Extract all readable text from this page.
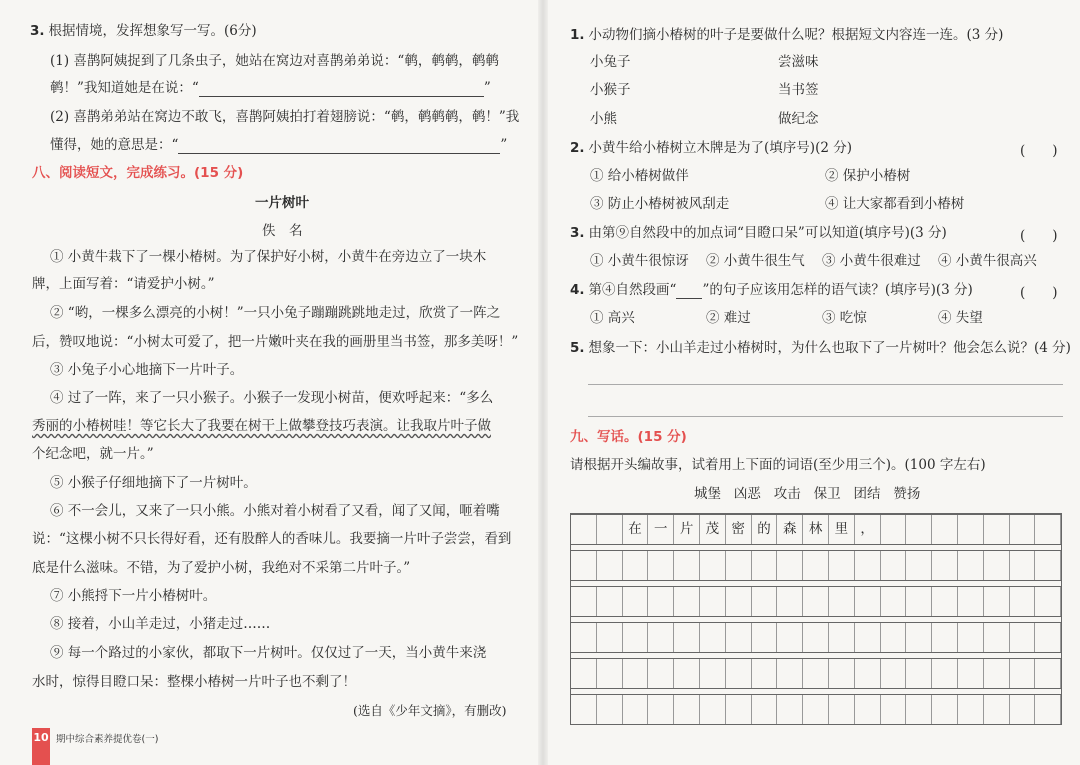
3. 根据情境，发挥想象写一写。(6分)
(1) 喜鹊阿姨捉到了几条虫子，她站在窝边对喜鹊弟弟说：“鹌，鹌鹌，鹌鹌
鹌！”我知道她是在说：“	”
(2) 喜鹊弟弟站在窝边不敢飞，喜鹊阿姨拍打着翅膀说：“鹌，鹌鹌鹌，鹌！”我
懂得，她的意思是：“	”
八、阅读短文，完成练习。(15 分)
一片树叶
佚　名
① 小黄牛栽下了一棵小椿树。为了保护好小树，小黄牛在旁边立了一块木
牌，上面写着：“请爱护小树。”
② “哟，一棵多么漂亮的小树！”一只小兔子蹦蹦跳跳地走过，欣赏了一阵之
后，赞叹地说：“小树太可爱了，把一片嫩叶夹在我的画册里当书签，那多美呀！”
③ 小兔子小心地摘下一片叶子。
④ 过了一阵，来了一只小猴子。小猴子一发现小树苗，便欢呼起来：“多么
秀丽的小椿树哇！等它长大了我要在树干上做攀登技巧表演。让我取片叶子做
个纪念吧，就一片。”
⑤ 小猴子仔细地摘下了一片树叶。
⑥ 不一会儿，又来了一只小熊。小熊对着小树看了又看，闻了又闻，咂着嘴
说：“这棵小树不只长得好看，还有股醉人的香味儿。我要摘一片叶子尝尝，看到
底是什么滋味。不错，为了爱护小树，我绝对不采第二片叶子。”
⑦ 小熊捋下一片小椿树叶。
⑧ 接着，小山羊走过，小猪走过……
⑨ 每一个路过的小家伙，都取下一片树叶。仅仅过了一天，当小黄牛来浇
水时，惊得目瞪口呆：整棵小椿树一片叶子也不剩了！
(选自《少年文摘》，有删改)
10 期中综合素养提优卷(一)
1. 小动物们摘小椿树的叶子是要做什么呢？根据短文内容连一连。(3 分)
小兔子
小猴子
小熊
尝滋味
当书签
做纪念
2. 小黄牛给小椿树立木牌是为了(填序号)(2 分)	(　　)
① 给小椿树做伴	② 保护小椿树
③ 防止小椿树被风刮走	④ 让大家都看到小椿树
3. 由第⑨自然段中的加点词“目瞪口呆”可以知道(填序号)(3 分)	(　　)
① 小黄牛很惊讶 ② 小黄牛很生气 ③ 小黄牛很难过 ④ 小黄牛很高兴
4. 第④自然段画“ ”的句子应该用怎样的语气读？(填序号)(3 分)	(　　)
① 高兴	② 难过	③ 吃惊	④ 失望
5. 想象一下：小山羊走过小椿树时，为什么也取下了一片树叶？他会怎么说？(4 分)
九、写话。(15 分)
请根据开头编故事，试着用上下面的词语(至少用三个)。(100 字左右)
城堡 凶恶 攻击 保卫 团结 赞扬
在 一 片 茂 密 的 森 林 里 ，
